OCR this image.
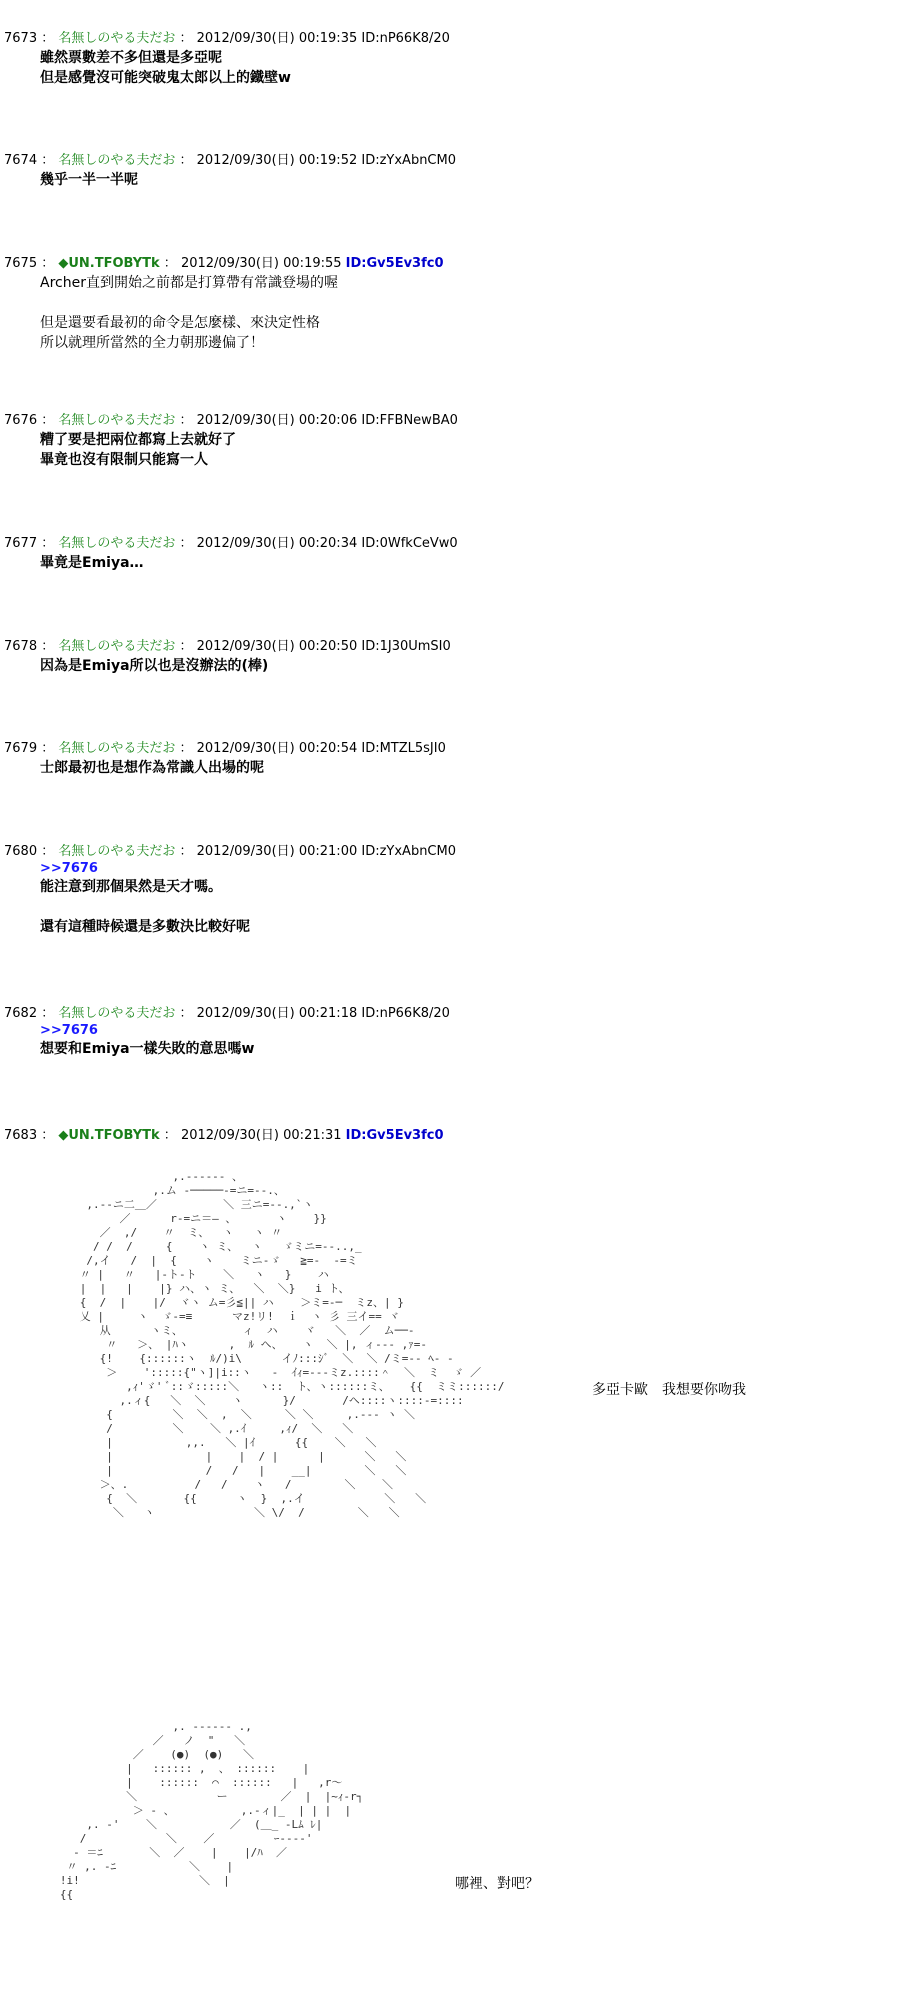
7673 ： 名無しのやる夫だお ： 2012/09/30(日) 00:19:35 ID:nP66K8/20
雖然票數差不多但還是多亞呢
但是感覺沒可能突破鬼太郎以上的鐵壁w
7674 ： 名無しのやる夫だお ： 2012/09/30(日) 00:19:52 ID:zYxAbnCM0
幾乎一半一半呢
7675 ： ◆UN.TFOBYTk ： 2012/09/30(日) 00:19:55 ID:Gv5Ev3fc0
Archer直到開始之前都是打算帶有常識登場的喔
但是還要看最初的命令是怎麼樣、來決定性格
所以就理所當然的全力朝那邊偏了！
7676 ： 名無しのやる夫だお ： 2012/09/30(日) 00:20:06 ID:FFBNewBA0
糟了要是把兩位都寫上去就好了
畢竟也沒有限制只能寫一人
7677 ： 名無しのやる夫だお ： 2012/09/30(日) 00:20:34 ID:0WfkCeVw0
畢竟是Emiya…
7678 ： 名無しのやる夫だお ： 2012/09/30(日) 00:20:50 ID:1J30UmSI0
因為是Emiya所以也是沒辦法的(棒)
7679 ： 名無しのやる夫だお ： 2012/09/30(日) 00:20:54 ID:MTZL5sJI0
士郎最初也是想作為常識人出場的呢
7680 ： 名無しのやる夫だお ： 2012/09/30(日) 00:21:00 ID:zYxAbnCM0
>>7676
能注意到那個果然是天才嗎。
還有這種時候還是多數決比較好呢
7682 ： 名無しのやる夫だお ： 2012/09/30(日) 00:21:18 ID:nP66K8/20
>>7676
想要和Emiya一樣失敗的意思嗎w
7683 ： ◆UN.TFOBYTk ： 2012/09/30(日) 00:21:31 ID:Gv5Ev3fc0
,.-‐‐‐‐- 、
,.ム ‐─────‐=ニ=‐-.、
,.-‐ニ二＿／          ＼ 三ニ=‐-.,`ヽ
／      r‐=ニ＝― 、      ヽ    }}
／  ,/    〃  ミ、  ヽ   ヽ 〃
/ /  /     {    ヽ ミ、  ヽ   ゞミニ=‐-..,_
/,イ   /  |  {    ヽ    ミニ‐ゞ   ≧=‐  ‐=ミ
〃 |   〃   |‐ト‐ト    ＼   ヽ   }    ハ
|  |   |    |} ハ、ヽ ミ、  ＼  ＼}   i ト、
{  /  |    |/  ヾヽ ム=彡≦|| ハ    ＞ミ=‐─  ミz、| }
乂 |     ヽ  ゞ‐=≡      マz!リ!  ｉ  ヽ 彡 三イ== ヾ
从      ヽミ、         ィ  ハ    ヾ   ＼  ／  ム──‐
〃   ＞、 |ﾊヽ      ,  ﾙ ヘ、   ヽ  ＼ |, ィ‐‐‐ ,ｧ=‐
{!    {::::::ヽ  ﾙ/)i\      イﾉ:::ｼﾞ  ＼  ＼ /ミ=‐‐ ﾍ‐ ‐
＞    ':::::{"ヽ]|i::ヽ   ‐  ｲｨ=‐‐‐ミz.::::＾  ＼  ミ  ゞ ／
,ｨ'ゞ' ﾞ::ゞ:::::＼   ヽ::  ト、ヽ::::::ミ、   {{  ミミ::::::/
,.ィ{   ＼  ＼    ヽ      }/       /ヘ::::ヽ::::‐=::::
{         ＼  ＼  ,  ＼     ＼ ＼     ,.-‐‐ ヽ ＼
/         ＼    ＼ ,.ｲ     ,ｨ/  ＼   ＼
|           ,,.   ＼ |ｲ      {{    ＼   ＼
|              |    |  / |      |      ＼   ＼
|              /   /   |    __|        ＼   ＼
＞、.          /   /    ヽ   /        ＼    ＼
{  ＼       {{      ヽ  }  ,.イ            ＼   ＼
＼   ヽ               ＼ \/  /        ＼   ＼

多亞卡歐　我想要你吻我
,. ‐‐‐‐‐‐ .,
／   ノ  "   ＼
／    (●)  (●)   ＼
|   :::::: ,  、 ::::::    |
|    ::::::  ⌒  ::::::   |   ,r～
＼            ー        ／  |  |~ｨ‐r┐
＞ ‐ 、          ,.-ィ|_  | | |  |
,. ‐'    ＼           ／  (＿_ ‐Lﾑ ﾚ|
/            ＼    ／         ｰ--‐‐'
‐ ＝ﾆ       ＼  ／    |    |/ﾊ  ／
〃 ,. ‐ﾆ           ＼    |
!i!                  ＼  |
{{

哪裡、對吧？
